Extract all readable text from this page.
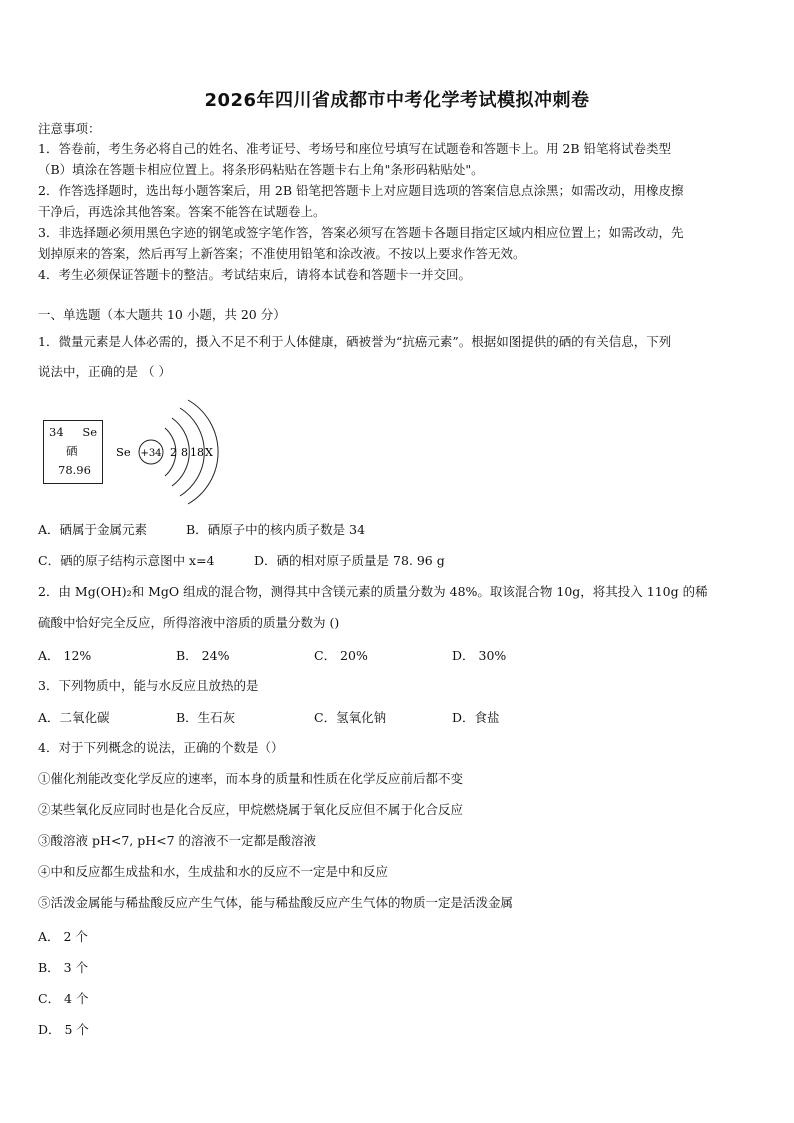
2026年四川省成都市中考化学考试模拟冲刺卷
注意事项：
1．答卷前，考生务必将自己的姓名、准考证号、考场号和座位号填写在试题卷和答题卡上。用 2B 铅笔将试卷类型
（B）填涂在答题卡相应位置上。将条形码粘贴在答题卡右上角"条形码粘贴处"。
2．作答选择题时，选出每小题答案后，用 2B 铅笔把答题卡上对应题目选项的答案信息点涂黑；如需改动，用橡皮擦
干净后，再选涂其他答案。答案不能答在试题卷上。
3．非选择题必须用黑色字迹的钢笔或签字笔作答，答案必须写在答题卡各题目指定区域内相应位置上；如需改动，先
划掉原来的答案，然后再写上新答案；不准使用铅笔和涂改液。不按以上要求作答无效。
4．考生必须保证答题卡的整洁。考试结束后，请将本试卷和答题卡一并交回。
一、单选题（本大题共 10 小题，共 20 分）
1．微量元素是人体必需的，摄入不足不利于人体健康，硒被誉为“抗癌元素”。根据如图提供的硒的有关信息，下列
说法中，正确的是 （ ）
34 Se
硒
78.96
Se +34 2 8 18 X
A．硒属于金属元素	B．硒原子中的核内质子数是 34
C．硒的原子结构示意图中 x=4	D．硒的相对原子质量是 78. 96 g
2．由 Mg(OH)₂和 MgO 组成的混合物，测得其中含镁元素的质量分数为 48%。取该混合物 10g，将其投入 110g 的稀
硫酸中恰好完全反应，所得溶液中溶质的质量分数为 ()
A． 12%	B． 24%	C． 20%	D． 30%
3．下列物质中，能与水反应且放热的是
A．二氧化碳	B．生石灰	C．氢氧化钠	D．食盐
4．对于下列概念的说法，正确的个数是（）
①催化剂能改变化学反应的速率，而本身的质量和性质在化学反应前后都不变
②某些氧化反应同时也是化合反应，甲烷燃烧属于氧化反应但不属于化合反应
③酸溶液 pH<7, pH<7 的溶液不一定都是酸溶液
④中和反应都生成盐和水，生成盐和水的反应不一定是中和反应
⑤活泼金属能与稀盐酸反应产生气体，能与稀盐酸反应产生气体的物质一定是活泼金属
A． 2 个
B． 3 个
C． 4 个
D． 5 个
